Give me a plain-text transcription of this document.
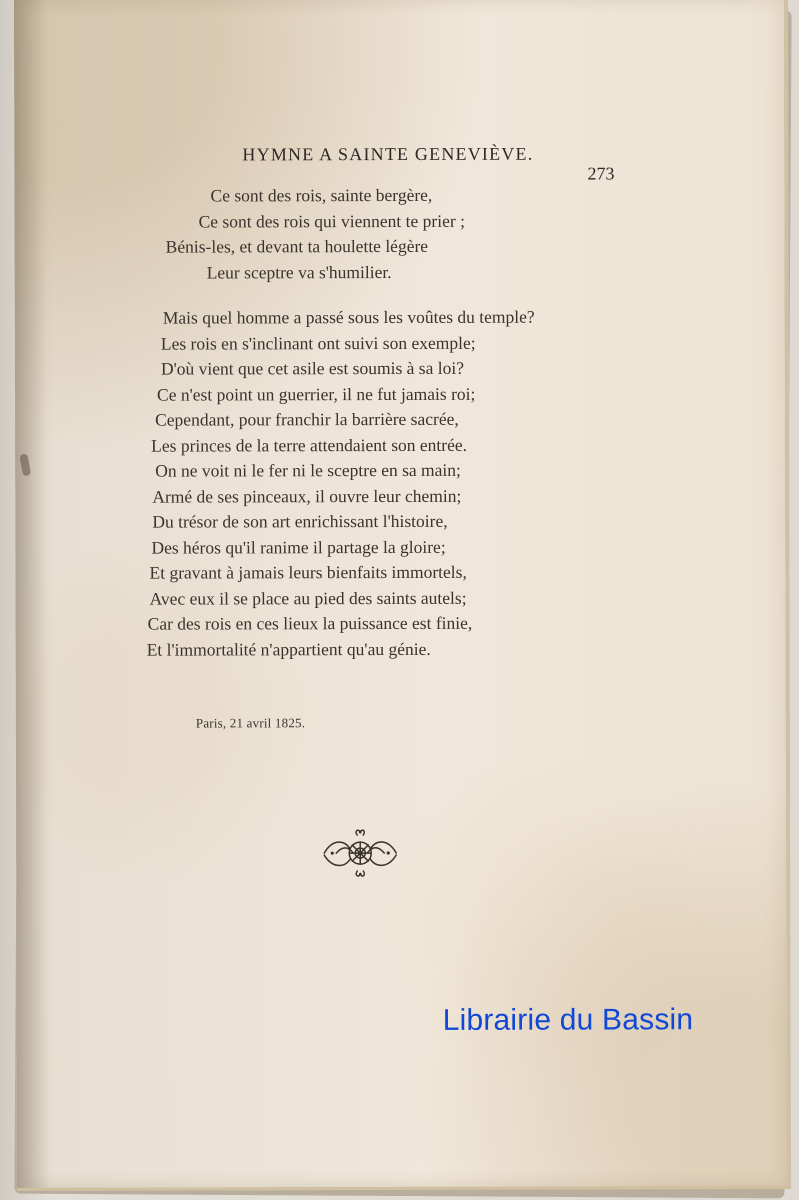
HYMNE A SAINTE GENEVIÈVE.
273
Ce sont des rois, sainte bergère,
Ce sont des rois qui viennent te prier ;
Bénis-les, et devant ta houlette légère
Leur sceptre va s'humilier.
Mais quel homme a passé sous les voûtes du temple?
Les rois en s'inclinant ont suivi son exemple;
D'où vient que cet asile est soumis à sa loi?
Ce n'est point un guerrier, il ne fut jamais roi;
Cependant, pour franchir la barrière sacrée,
Les princes de la terre attendaient son entrée.
On ne voit ni le fer ni le sceptre en sa main;
Armé de ses pinceaux, il ouvre leur chemin;
Du trésor de son art enrichissant l'histoire,
Des héros qu'il ranime il partage la gloire;
Et gravant à jamais leurs bienfaits immortels,
Avec eux il se place au pied des saints autels;
Car des rois en ces lieux la puissance est finie,
Et l'immortalité n'appartient qu'au génie.
Paris, 21 avril 1825.
Librairie du Bassin
